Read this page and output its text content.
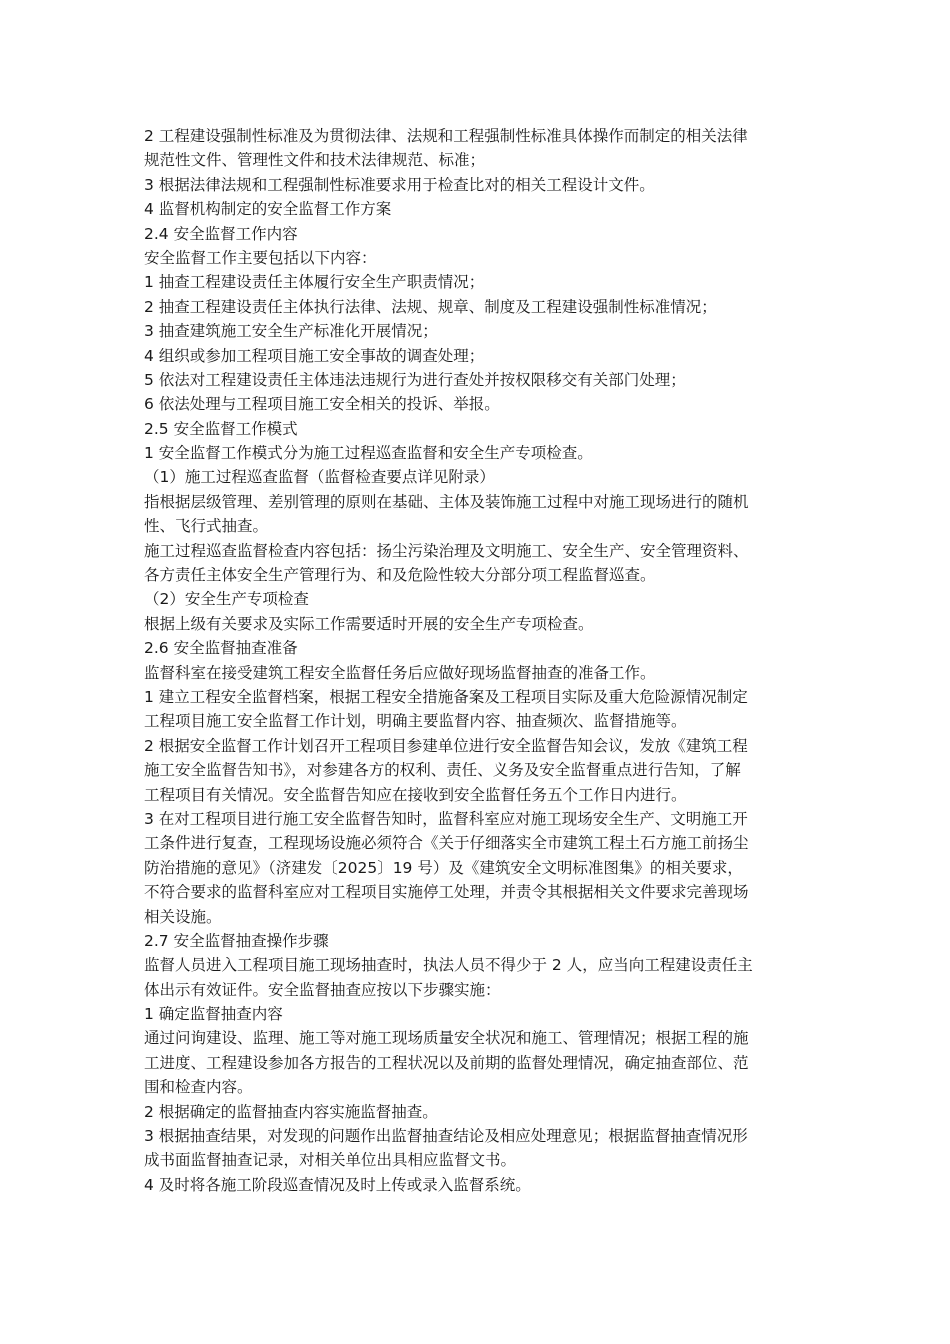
2 工程建设强制性标准及为贯彻法律、法规和工程强制性标准具体操作而制定的相关法律
规范性文件、管理性文件和技术法律规范、标准；
3 根据法律法规和工程强制性标准要求用于检查比对的相关工程设计文件。
4 监督机构制定的安全监督工作方案
2.4 安全监督工作内容
安全监督工作主要包括以下内容：
1 抽查工程建设责任主体履行安全生产职责情况；
2 抽查工程建设责任主体执行法律、法规、规章、制度及工程建设强制性标准情况；
3 抽查建筑施工安全生产标准化开展情况；
4 组织或参加工程项目施工安全事故的调查处理；
5 依法对工程建设责任主体违法违规行为进行查处并按权限移交有关部门处理；
6 依法处理与工程项目施工安全相关的投诉、举报。
2.5 安全监督工作模式
1 安全监督工作模式分为施工过程巡查监督和安全生产专项检查。
（1）施工过程巡查监督（监督检查要点详见附录）
指根据层级管理、差别管理的原则在基础、主体及装饰施工过程中对施工现场进行的随机
性、飞行式抽查。
施工过程巡查监督检查内容包括：扬尘污染治理及文明施工、安全生产、安全管理资料、
各方责任主体安全生产管理行为、和及危险性较大分部分项工程监督巡查。
（2）安全生产专项检查
根据上级有关要求及实际工作需要适时开展的安全生产专项检查。
2.6 安全监督抽查准备
监督科室在接受建筑工程安全监督任务后应做好现场监督抽查的准备工作。
1 建立工程安全监督档案，根据工程安全措施备案及工程项目实际及重大危险源情况制定
工程项目施工安全监督工作计划，明确主要监督内容、抽查频次、监督措施等。
2 根据安全监督工作计划召开工程项目参建单位进行安全监督告知会议，发放《建筑工程
施工安全监督告知书》，对参建各方的权利、责任、义务及安全监督重点进行告知，了解
工程项目有关情况。安全监督告知应在接收到安全监督任务五个工作日内进行。
3 在对工程项目进行施工安全监督告知时，监督科室应对施工现场安全生产、文明施工开
工条件进行复查，工程现场设施必须符合《关于仔细落实全市建筑工程土石方施工前扬尘
防治措施的意见》（济建发〔2025〕19 号）及《建筑安全文明标准图集》的相关要求，
不符合要求的监督科室应对工程项目实施停工处理，并责令其根据相关文件要求完善现场
相关设施。
2.7 安全监督抽查操作步骤
监督人员进入工程项目施工现场抽查时，执法人员不得少于 2 人，应当向工程建设责任主
体出示有效证件。安全监督抽查应按以下步骤实施：
1 确定监督抽查内容
通过问询建设、监理、施工等对施工现场质量安全状况和施工、管理情况；根据工程的施
工进度、工程建设参加各方报告的工程状况以及前期的监督处理情况，确定抽查部位、范
围和检查内容。
2 根据确定的监督抽查内容实施监督抽查。
3 根据抽查结果，对发现的问题作出监督抽查结论及相应处理意见；根据监督抽查情况形
成书面监督抽查记录，对相关单位出具相应监督文书。
4 及时将各施工阶段巡查情况及时上传或录入监督系统。
